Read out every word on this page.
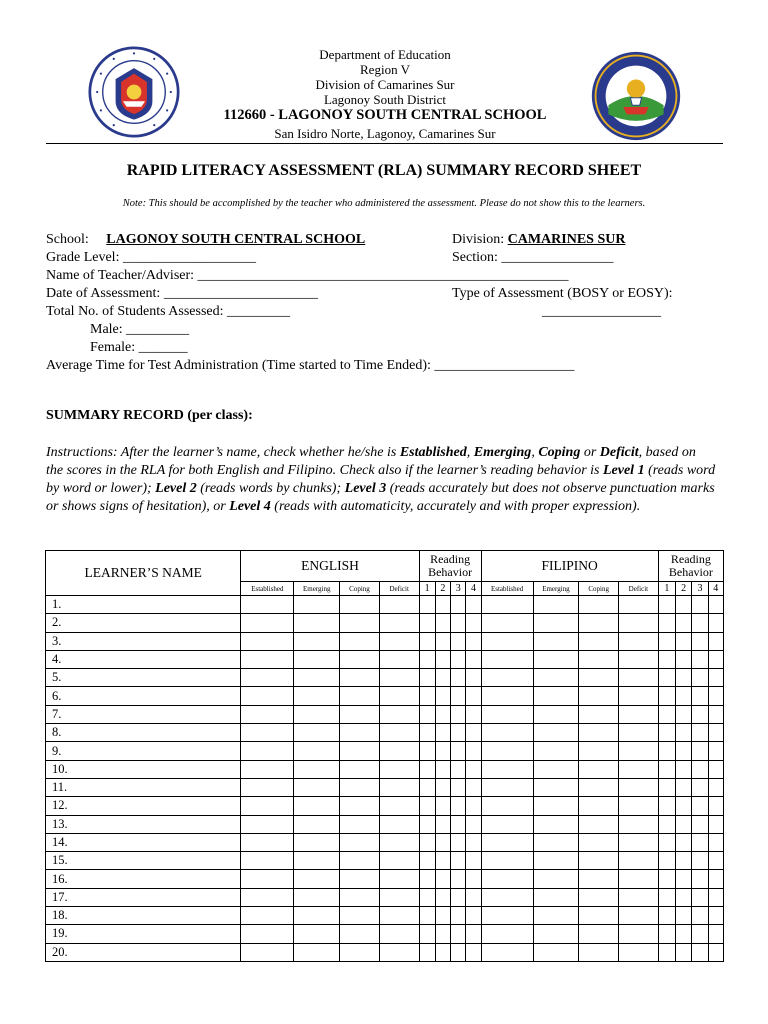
Department of Education
Region V
Division of Camarines Sur
Lagonoy South District
112660 - LAGONOY SOUTH CENTRAL SCHOOL
San Isidro Norte, Lagonoy, Camarines Sur
RAPID LITERACY ASSESSMENT (RLA) SUMMARY RECORD SHEET
Note: This should be accomplished by the teacher who administered the assessment. Please do not show this to the learners.
School: LAGONOY SOUTH CENTRAL SCHOOL	Division: CAMARINES SUR
Grade Level: ___________________	Section: ________________
Name of Teacher/Adviser: _____________________________________________________
Date of Assessment: ______________________	Type of Assessment (BOSY or EOSY):
Total No. of Students Assessed: _________	_________________
Male: _________
Female: _______
Average Time for Test Administration (Time started to Time Ended): ____________________
SUMMARY RECORD (per class):
Instructions: After the learner’s name, check whether he/she is Established, Emerging, Coping or Deficit, based on the scores in the RLA for both English and Filipino. Check also if the learner’s reading behavior is Level 1 (reads word by word or lower); Level 2 (reads words by chunks); Level 3 (reads accurately but does not observe punctuation marks or shows signs of hesitation), or Level 4 (reads with automaticity, accurately and with proper expression).
LEARNER’S NAME	ENGLISH				Reading Behavior				FILIPINO				Reading Behavior			
	Established	Emerging	Coping	Deficit	1	2	3	4	Established	Emerging	Coping	Deficit	1	2	3	4
1.																
2.																
3.																
4.																
5.																
6.																
7.																
8.																
9.																
10.																
11.																
12.																
13.																
14.																
15.																
16.																
17.																
18.																
19.																
20.																
